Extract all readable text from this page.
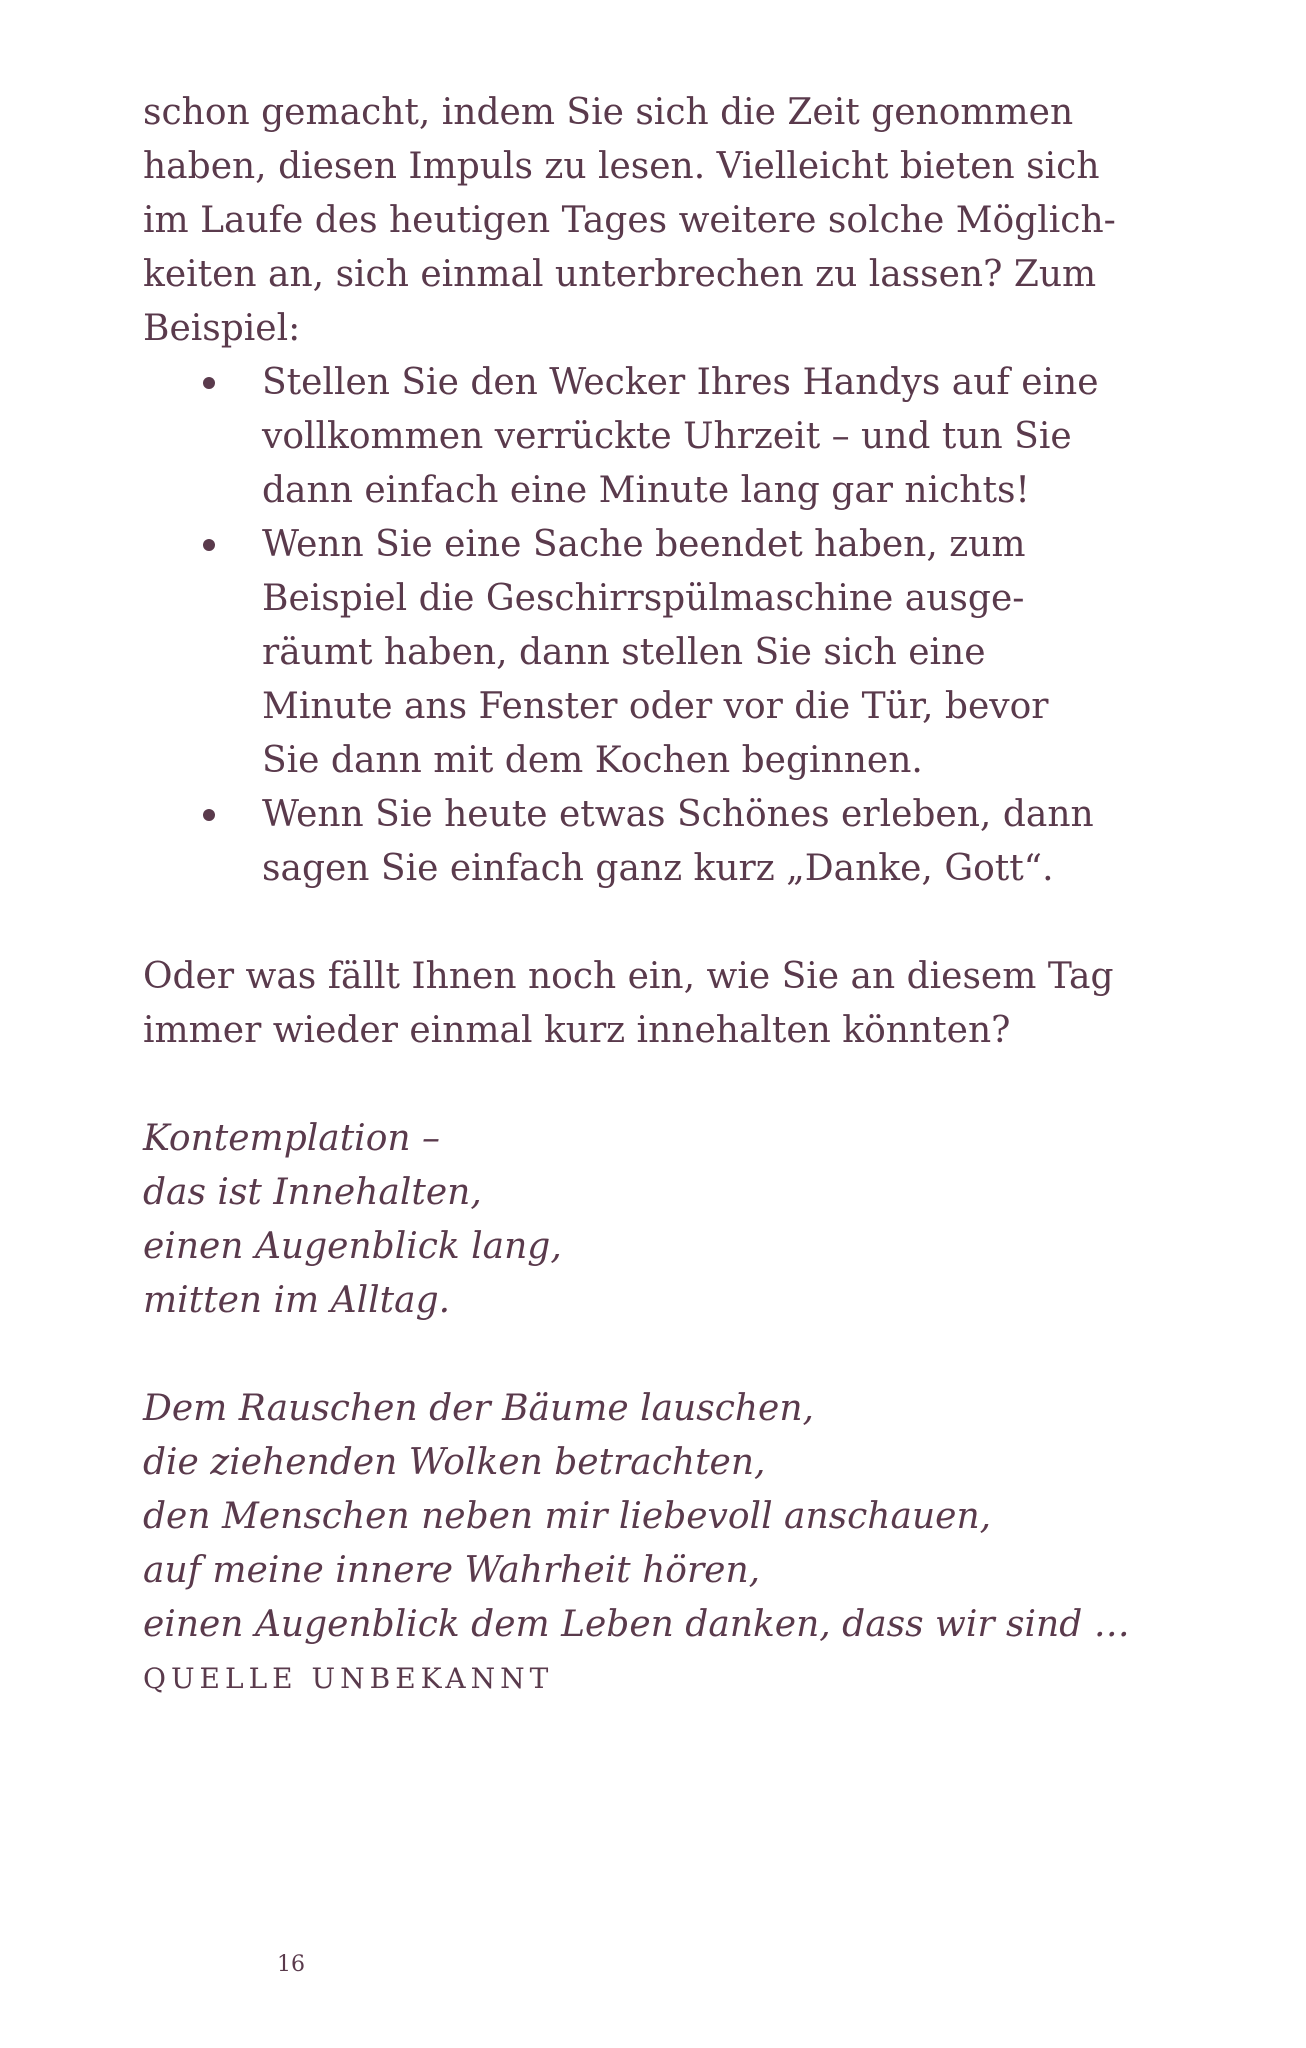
schon gemacht, indem Sie sich die Zeit genommen
haben, diesen Impuls zu lesen. Vielleicht bieten sich
im Laufe des heutigen Tages weitere solche Möglich-
keiten an, sich einmal unterbrechen zu lassen? Zum
Beispiel:
Stellen Sie den Wecker Ihres Handys auf eine
vollkommen verrückte Uhrzeit – und tun Sie
dann einfach eine Minute lang gar nichts!
Wenn Sie eine Sache beendet haben, zum
Beispiel die Geschirrspülmaschine ausge-
räumt haben, dann stellen Sie sich eine
Minute ans Fenster oder vor die Tür, bevor
Sie dann mit dem Kochen beginnen.
Wenn Sie heute etwas Schönes erleben, dann
sagen Sie einfach ganz kurz „Danke, Gott“.
Oder was fällt Ihnen noch ein, wie Sie an diesem Tag
immer wieder einmal kurz innehalten könnten?
Kontemplation –
das ist Innehalten,
einen Augenblick lang,
mitten im Alltag.
Dem Rauschen der Bäume lauschen,
die ziehenden Wolken betrachten,
den Menschen neben mir liebevoll anschauen,
auf meine innere Wahrheit hören,
einen Augenblick dem Leben danken, dass wir sind …
QUELLE UNBEKANNT
16
